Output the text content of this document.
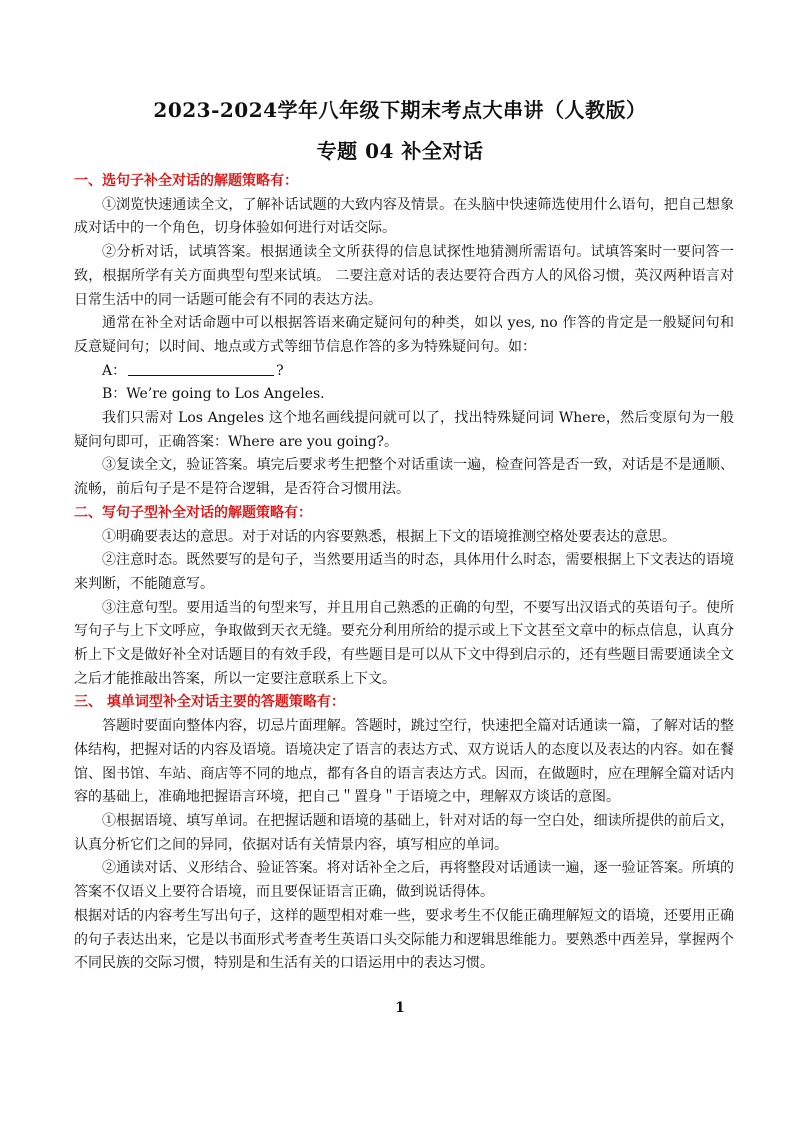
2023-2024学年八年级下期末考点大串讲（人教版）
专题 04 补全对话

一、选句子补全对话的解题策略有：

①浏览快速通读全文，了解补话试题的大致内容及情景。在头脑中快速筛选使用什么语句，把自己想象成对话中的一个角色，切身体验如何进行对话交际。

②分析对话，试填答案。根据通读全文所获得的信息试探性地猜测所需语句。试填答案时一要问答一致，根据所学有关方面典型句型来试填。 二要注意对话的表达要符合西方人的风俗习惯，英汉两种语言对日常生活中的同一话题可能会有不同的表达方法。

通常在补全对话命题中可以根据答语来确定疑问句的种类，如以 yes, no 作答的肯定是一般疑问句和反意疑问句；以时间、地点或方式等细节信息作答的多为特殊疑问句。如：

A：	?

B：We’re going to Los Angeles.

我们只需对 Los Angeles 这个地名画线提问就可以了，找出特殊疑问词 Where，然后变原句为一般疑问句即可，正确答案：Where are you going?。

③复读全文，验证答案。填完后要求考生把整个对话重读一遍，检查问答是否一致，对话是不是通顺、流畅，前后句子是不是符合逻辑，是否符合习惯用法。

二、写句子型补全对话的解题策略有：

①明确要表达的意思。对于对话的内容要熟悉，根据上下文的语境推测空格处要表达的意思。

②注意时态。既然要写的是句子，当然要用适当的时态，具体用什么时态，需要根据上下文表达的语境来判断，不能随意写。

③注意句型。要用适当的句型来写，并且用自己熟悉的正确的句型，不要写出汉语式的英语句子。使所写句子与上下文呼应，争取做到天衣无缝。要充分利用所给的提示或上下文甚至文章中的标点信息，认真分析上下文是做好补全对话题目的有效手段，有些题目是可以从下文中得到启示的，还有些题目需要通读全文之后才能推敲出答案，所以一定要注意联系上下文。

三、 填单词型补全对话主要的答题策略有：

答题时要面向整体内容，切忌片面理解。答题时，跳过空行，快速把全篇对话通读一篇，了解对话的整体结构，把握对话的内容及语境。语境决定了语言的表达方式、双方说话人的态度以及表达的内容。如在餐馆、图书馆、车站、商店等不同的地点，都有各自的语言表达方式。因而，在做题时，应在理解全篇对话内容的基础上，准确地把握语言环境，把自己＂置身＂于语境之中，理解双方谈话的意图。

①根据语境、填写单词。在把握话题和语境的基础上，针对对话的每一空白处，细读所提供的前后文，认真分析它们之间的异同，依据对话有关情景内容，填写相应的单词。

②通读对话、义形结合、验证答案。将对话补全之后，再将整段对话通读一遍，逐一验证答案。所填的答案不仅语义上要符合语境，而且要保证语言正确，做到说话得体。

根据对话的内容考生写出句子，这样的题型相对难一些，要求考生不仅能正确理解短文的语境，还要用正确的句子表达出来，它是以书面形式考查考生英语口头交际能力和逻辑思维能力。要熟悉中西差异，掌握两个不同民族的交际习惯，特别是和生活有关的口语运用中的表达习惯。

1
